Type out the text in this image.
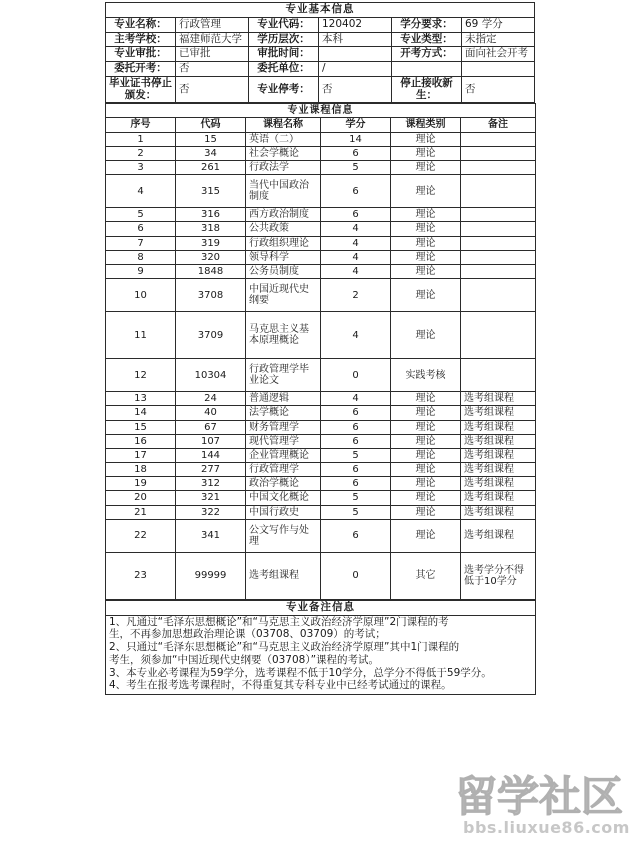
专业基本信息					
专业名称：	行政管理	专业代码：	120402	学分要求：	69 学分
主考学校：	福建师范大学	学历层次：	本科	专业类型：	未指定
专业审批：	已审批	审批时间：		开考方式：	面向社会开考
委托开考：	否	委托单位：	/		
毕业证书停止颁发：	否	专业停考：	否	停止接收新生：	否
专业课程信息					
序号	代码	课程名称	学分	课程类别	备注
1	15	英语（二）	14	理论	
2	34	社会学概论	6	理论	
3	261	行政法学	5	理论	
4	315	当代中国政治制度	6	理论	
5	316	西方政治制度	6	理论	
6	318	公共政策	4	理论	
7	319	行政组织理论	4	理论	
8	320	领导科学	4	理论	
9	1848	公务员制度	4	理论	
10	3708	中国近现代史纲要	2	理论	
11	3709	马克思主义基本原理概论	4	理论	
12	10304	行政管理学毕业论文	0	实践考核	
13	24	普通逻辑	4	理论	选考组课程
14	40	法学概论	6	理论	选考组课程
15	67	财务管理学	6	理论	选考组课程
16	107	现代管理学	6	理论	选考组课程
17	144	企业管理概论	5	理论	选考组课程
18	277	行政管理学	6	理论	选考组课程
19	312	政治学概论	6	理论	选考组课程
20	321	中国文化概论	5	理论	选考组课程
21	322	中国行政史	5	理论	选考组课程
22	341	公文写作与处理	6	理论	选考组课程
23	99999	选考组课程	0	其它	选考学分不得低于10学分
专业备注信息

1、凡通过“毛泽东思想概论”和“马克思主义政治经济学原理”2门课程的考

生，不再参加思想政治理论课（03708、03709）的考试；

2、只通过“毛泽东思想概论”和“马克思主义政治经济学原理”其中1门课程的

考生，须参加“中国近现代史纲要（03708）”课程的考试。

3、本专业必考课程为59学分，选考课程不低于10学分，总学分不得低于59学分。

4、考生在报考选考课程时，不得重复其专科专业中已经考试通过的课程。

留学社区
bbs.liuxue86.com
